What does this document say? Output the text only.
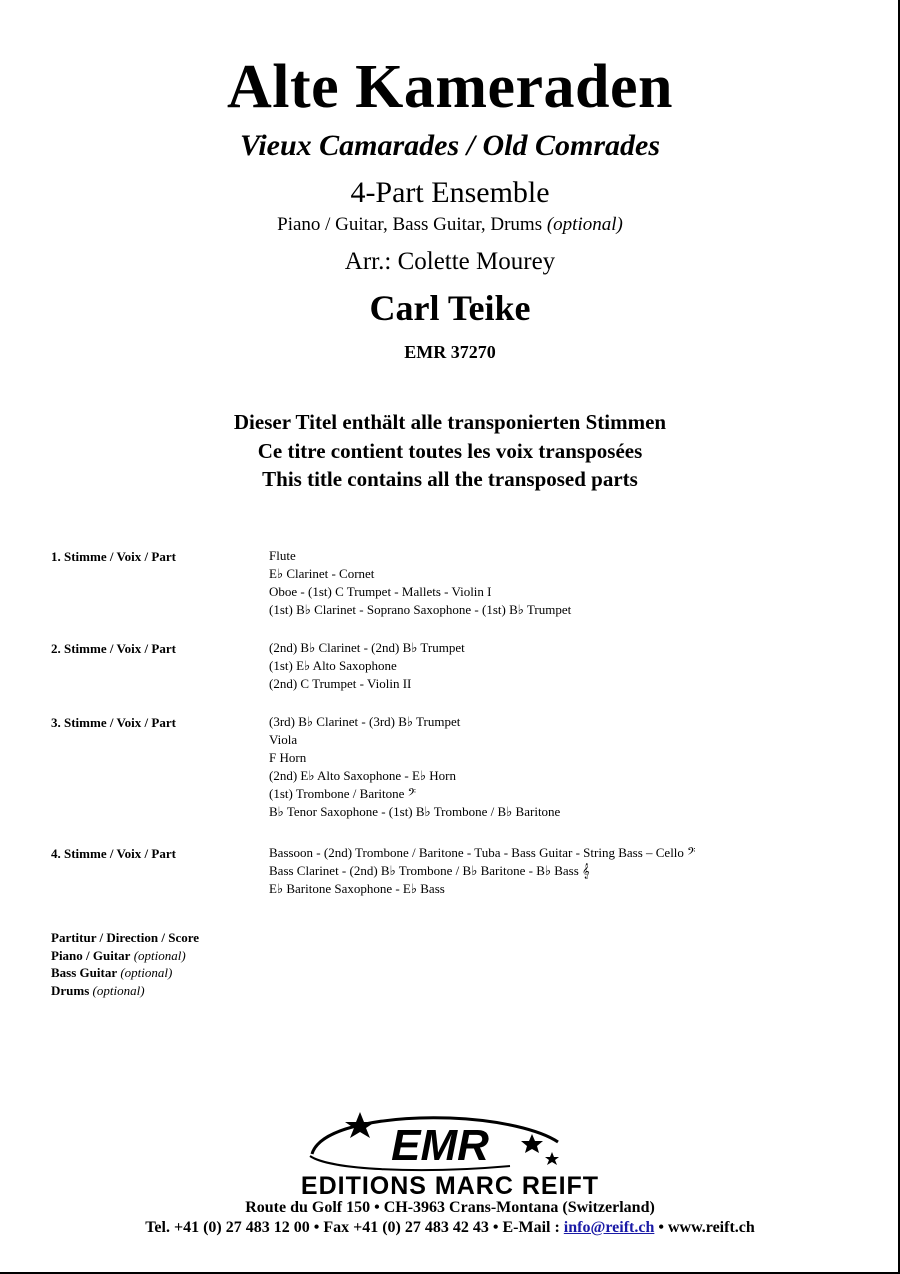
Alte Kameraden
Vieux Camarades / Old Comrades
4-Part Ensemble
Piano / Guitar, Bass Guitar, Drums (optional)
Arr.: Colette Mourey
Carl Teike
EMR 37270
Dieser Titel enthält alle transponierten Stimmen
Ce titre contient toutes les voix transposées
This title contains all the transposed parts
1. Stimme / Voix / Part	Flute
E♭ Clarinet - Cornet
Oboe - (1st) C Trumpet - Mallets - Violin I
(1st) B♭ Clarinet - Soprano Saxophone - (1st) B♭ Trumpet
2. Stimme / Voix / Part	(2nd) B♭ Clarinet - (2nd) B♭ Trumpet
(1st) E♭ Alto Saxophone
(2nd) C Trumpet - Violin II
3. Stimme / Voix / Part	(3rd) B♭ Clarinet - (3rd) B♭ Trumpet
Viola
F Horn
(2nd) E♭ Alto Saxophone - E♭ Horn
(1st) Trombone / Baritone 𝄢
B♭ Tenor Saxophone - (1st) B♭ Trombone / B♭ Baritone
4. Stimme / Voix / Part	Bassoon - (2nd) Trombone / Baritone - Tuba - Bass Guitar - String Bass – Cello 𝄢
Bass Clarinet - (2nd) B♭ Trombone / B♭ Baritone - B♭ Bass 𝄞
E♭ Baritone Saxophone - E♭ Bass
Partitur / Direction / Score
Piano / Guitar (optional)
Bass Guitar (optional)
Drums (optional)
EMR
EDITIONS MARC REIFT
Route du Golf 150 • CH-3963 Crans-Montana (Switzerland)
Tel. +41 (0) 27 483 12 00 • Fax +41 (0) 27 483 42 43 • E-Mail : info@reift.ch • www.reift.ch
